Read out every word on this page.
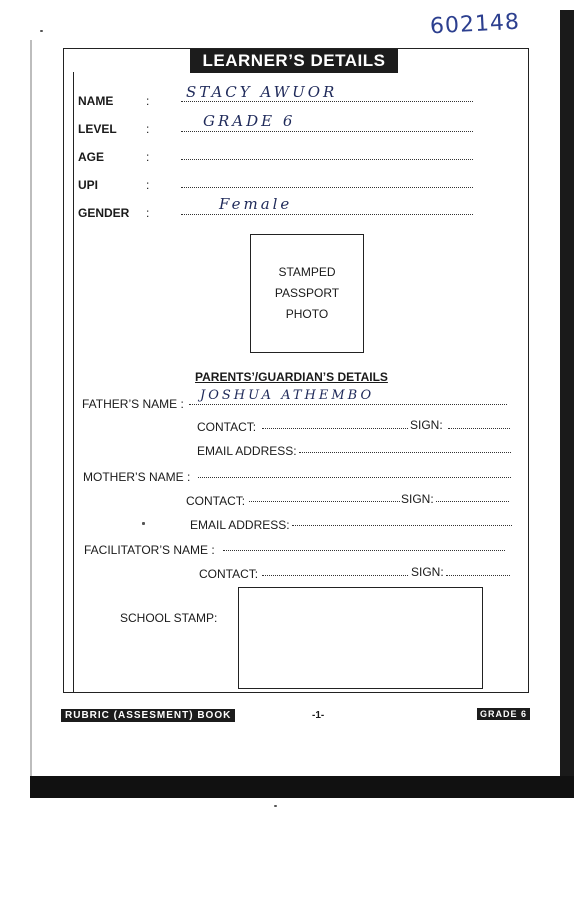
602148
LEARNER’S DETAILS
NAME	: STACY AWUOR
LEVEL :	GRADE 6
AGE	:
UPI	:
GENDER :	Female
STAMPED
PASSPORT
PHOTO
PARENTS’/GUARDIAN’S DETAILS
FATHER’S NAME :
JOSHUA ATHEMBO
CONTACT:	SIGN:
EMAIL ADDRESS:
MOTHER’S NAME :
CONTACT:	SIGN:
EMAIL ADDRESS:
FACILITATOR’S NAME :
CONTACT:	SIGN:
SCHOOL STAMP:
RUBRIC (ASSESMENT) BOOK	-1-	GRADE 6
